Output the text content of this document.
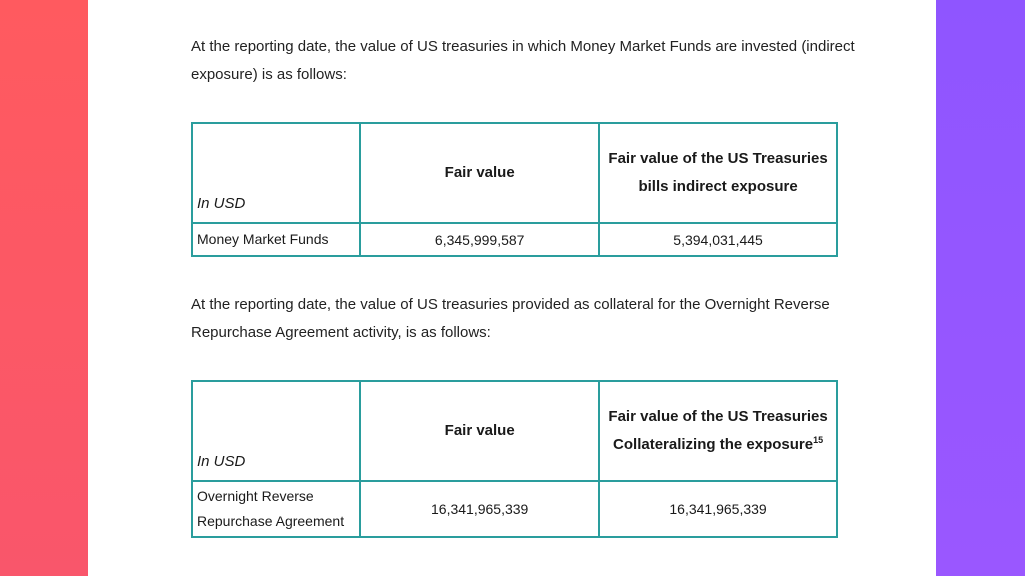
At the reporting date, the value of US treasuries in which Money Market Funds are invested (indirect exposure) is as follows:
In USD	Fair value	Fair value of the US Treasuries bills indirect exposure
Money Market Funds	6,345,999,587	5,394,031,445
At the reporting date, the value of US treasuries provided as collateral for the Overnight Reverse Repurchase Agreement activity, is as follows:
In USD	Fair value	Fair value of the US Treasuries Collateralizing the exposure$^{15}$
Overnight Reverse Repurchase Agreement	16,341,965,339	16,341,965,339
